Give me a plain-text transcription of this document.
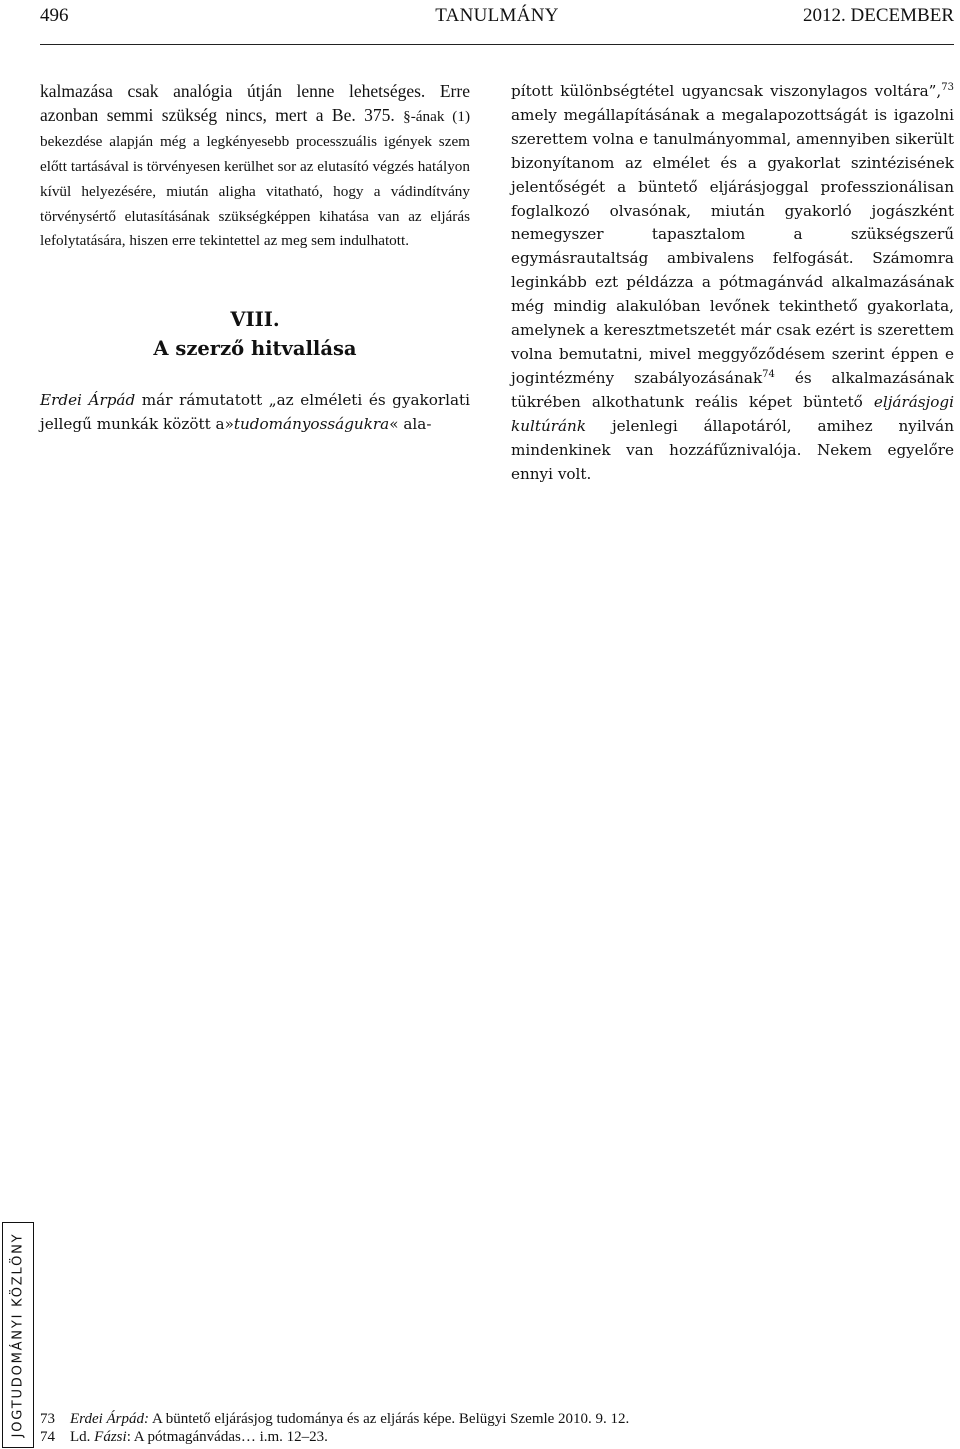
496	TANULMÁNY	2012. DECEMBER

kalmazása csak analógia útján lenne lehetséges. Erre azonban semmi szükség nincs, mert a Be. 375. §-ának (1) bekezdése alapján még a legkényesebb processzuális igények szem előtt tartásával is törvényesen kerülhet sor az elutasító végzés hatályon kívül helyezésére, miután aligha vitatható, hogy a vádindítvány törvénysértő elutasításának szükségképpen kihatása van az eljárás lefolytatására, hiszen erre tekintettel az meg sem indulhatott.

VIII.
A szerző hitvallása

Erdei Árpád már rámutatott „az elméleti és gyakorlati jellegű munkák között a»tudományosságukra« ala-

pított különbségtétel ugyancsak viszonylagos voltára”,$^{73}$ amely megállapításának a megalapozottságát is igazolni szerettem volna e tanulmányommal, amennyiben sikerült bizonyítanom az elmélet és a gyakorlat szintézisének jelentőségét a büntető eljárásjoggal professzionálisan foglalkozó olvasónak, miután gyakorló jogászként nemegyszer tapasztalom a szükségszerű egymásrautaltság ambivalens felfogását. Számomra leginkább ezt példázza a pótmagánvád alkalmazásának még mindig alakulóban levőnek tekinthető gyakorlata, amelynek a keresztmetszetét már csak ezért is szerettem volna bemutatni, mivel meggyőződésem szerint éppen e jogintézmény szabályozásának$^{74}$ és alkalmazásának tükrében alkothatunk reális képet büntető eljárásjogi kultúránk jelenlegi állapotáról, amihez nyilván mindenkinek van hozzáfűznivalója. Nekem egyelőre ennyi volt.

JOGTUDOMÁNYI KÖZLÖNY 73 Erdei Árpád: A büntető eljárásjog tudománya és az eljárás képe. Belügyi Szemle 2010. 9. 12.
74 Ld. Fázsi: A pótmagánvádas… i.m. 12–23.
